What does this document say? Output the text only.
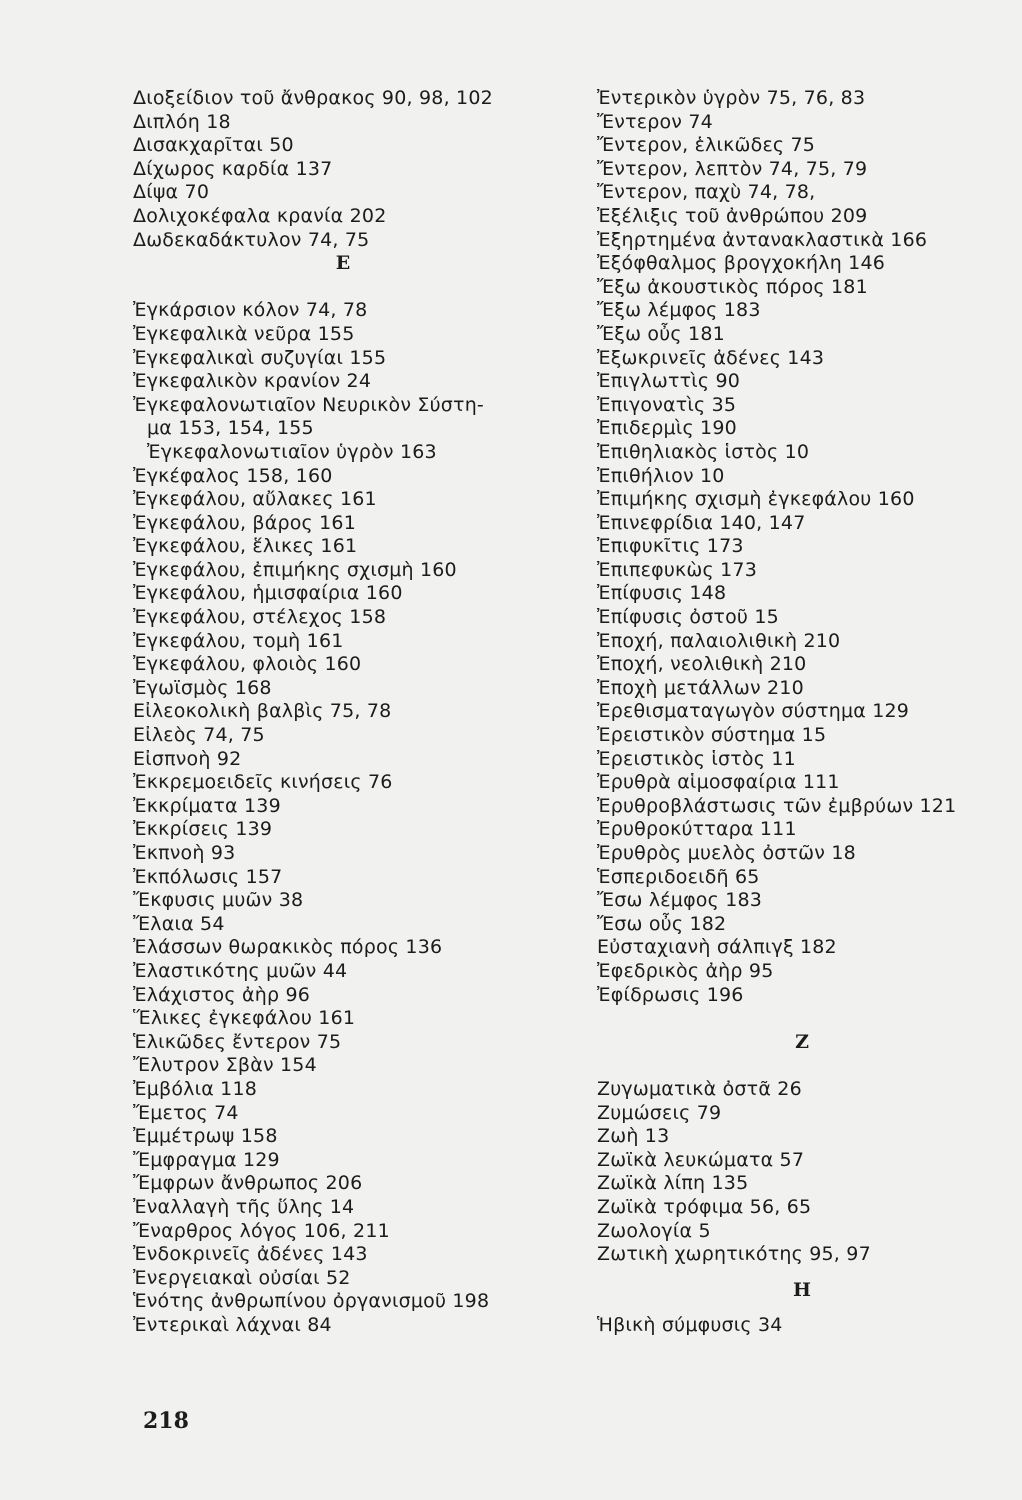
Διοξείδιον τοῦ ἄνθρακος 90, 98, 102
Διπλόη 18
Δισακχαρῖται 50
Δίχωρος καρδία 137
Δίψα 70
Δολιχοκέφαλα κρανία 202
Δωδεκαδάκτυλον 74, 75
Ε
Ἐγκάρσιον κόλον 74, 78
Ἐγκεφαλικὰ νεῦρα 155
Ἐγκεφαλικαὶ συζυγίαι 155
Ἐγκεφαλικὸν κρανίον 24
Ἐγκεφαλονωτιαῖον Νευρικὸν Σύστη-
μα 153, 154, 155
Ἐγκεφαλονωτιαῖον ὑγρὸν 163
Ἐγκέφαλος 158, 160
Ἐγκεφάλου, αὔλακες 161
Ἐγκεφάλου, βάρος 161
Ἐγκεφάλου, ἕλικες 161
Ἐγκεφάλου, ἐπιμήκης σχισμὴ 160
Ἐγκεφάλου, ἡμισφαίρια 160
Ἐγκεφάλου, στέλεχος 158
Ἐγκεφάλου, τομὴ 161
Ἐγκεφάλου, φλοιὸς 160
Ἐγωϊσμὸς 168
Εἰλεοκολικὴ βαλβὶς 75, 78
Εἰλεὸς 74, 75
Εἰσπνοὴ 92
Ἐκκρεμοειδεῖς κινήσεις 76
Ἐκκρίματα 139
Ἐκκρίσεις 139
Ἐκπνοὴ 93
Ἐκπόλωσις 157
Ἔκφυσις μυῶν 38
Ἔλαια 54
Ἐλάσσων θωρακικὸς πόρος 136
Ἐλαστικότης μυῶν 44
Ἐλάχιστος ἀὴρ 96
Ἕλικες ἐγκεφάλου 161
Ἑλικῶδες ἔντερον 75
Ἔλυτρον Σβὰν 154
Ἐμβόλια 118
Ἔμετος 74
Ἐμμέτρωψ 158
Ἔμφραγμα 129
Ἔμφρων ἄνθρωπος 206
Ἐναλλαγὴ τῆς ὕλης 14
Ἔναρθρος λόγος 106, 211
Ἐνδοκρινεῖς ἀδένες 143
Ἐνεργειακαὶ οὐσίαι 52
Ἑνότης ἀνθρωπίνου ὀργανισμοῦ 198
Ἐντερικαὶ λάχναι 84
Ἐντερικὸν ὑγρὸν 75, 76, 83
Ἔντερον 74
Ἔντερον, ἑλικῶδες 75
Ἔντερον, λεπτὸν 74, 75, 79
Ἔντερον, παχὺ 74, 78,
Ἐξέλιξις τοῦ ἀνθρώπου 209
Ἐξηρτημένα ἀντανακλαστικὰ 166
Ἐξόφθαλμος βρογχοκήλη 146
Ἔξω ἀκουστικὸς πόρος 181
Ἔξω λέμφος 183
Ἔξω οὖς 181
Ἐξωκρινεῖς ἀδένες 143
Ἐπιγλωττὶς 90
Ἐπιγονατὶς 35
Ἐπιδερμὶς 190
Ἐπιθηλιακὸς ἱστὸς 10
Ἐπιθήλιον 10
Ἐπιμήκης σχισμὴ ἐγκεφάλου 160
Ἐπινεφρίδια 140, 147
Ἐπιφυκῖτις 173
Ἐπιπεφυκὼς 173
Ἐπίφυσις 148
Ἐπίφυσις ὀστοῦ 15
Ἐποχή, παλαιολιθικὴ 210
Ἐποχή, νεολιθικὴ 210
Ἐποχὴ μετάλλων 210
Ἐρεθισματαγωγὸν σύστημα 129
Ἐρειστικὸν σύστημα 15
Ἐρειστικὸς ἱστὸς 11
Ἐρυθρὰ αἱμοσφαίρια 111
Ἐρυθροβλάστωσις τῶν ἐμβρύων 121
Ἐρυθροκύτταρα 111
Ἐρυθρὸς μυελὸς ὀστῶν 18
Ἑσπεριδοειδῆ 65
Ἔσω λέμφος 183
Ἔσω οὖς 182
Εὐσταχιανὴ σάλπιγξ 182
Ἐφεδρικὸς ἀὴρ 95
Ἐφίδρωσις 196
Ζ
Ζυγωματικὰ ὀστᾶ 26
Ζυμώσεις 79
Ζωὴ 13
Ζωϊκὰ λευκώματα 57
Ζωϊκὰ λίπη 135
Ζωϊκὰ τρόφιμα 56, 65
Ζωολογία 5
Ζωτικὴ χωρητικότης 95, 97
Η
Ἡβικὴ σύμφυσις 34
218
